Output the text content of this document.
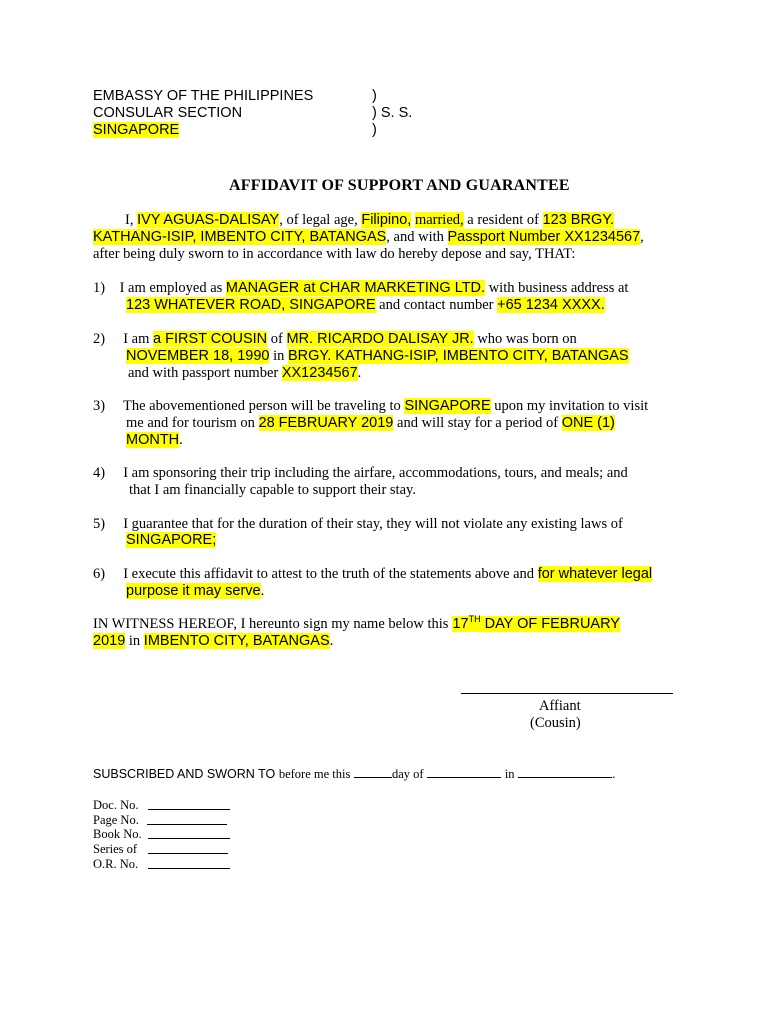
EMBASSY OF THE PHILIPPINES	)
CONSULAR SECTION	) S. S.
SINGAPORE	)
AFFIDAVIT OF SUPPORT AND GUARANTEE
I, IVY AGUAS-DALISAY, of legal age, Filipino, married, a resident of 123 BRGY.
KATHANG-ISIP, IMBENTO CITY, BATANGAS, and with Passport Number XX1234567,
after being duly sworn to in accordance with law do hereby depose and say, THAT:
1) I am employed as MANAGER at CHAR MARKETING LTD. with business address at
123 WHATEVER ROAD, SINGAPORE and contact number +65 1234 XXXX.
2) I am a FIRST COUSIN of MR. RICARDO DALISAY JR. who was born on
NOVEMBER 18, 1990 in BRGY. KATHANG-ISIP, IMBENTO CITY, BATANGAS
and with passport number XX1234567.
3) The abovementioned person will be traveling to SINGAPORE upon my invitation to visit
me and for tourism on 28 FEBRUARY 2019 and will stay for a period of ONE (1)
MONTH.
4) I am sponsoring their trip including the airfare, accommodations, tours, and meals; and
that I am financially capable to support their stay.
5) I guarantee that for the duration of their stay, they will not violate any existing laws of
SINGAPORE;
6) I execute this affidavit to attest to the truth of the statements above and for whatever legal
purpose it may serve.
IN WITNESS HEREOF, I hereunto sign my name below this 17TH DAY OF FEBRUARY
2019 in IMBENTO CITY, BATANGAS.
Affiant
(Cousin)
SUBSCRIBED AND SWORN TO before me this	day of	in	.
Doc. No.
Page No.
Book No.
Series of
O.R. No.
